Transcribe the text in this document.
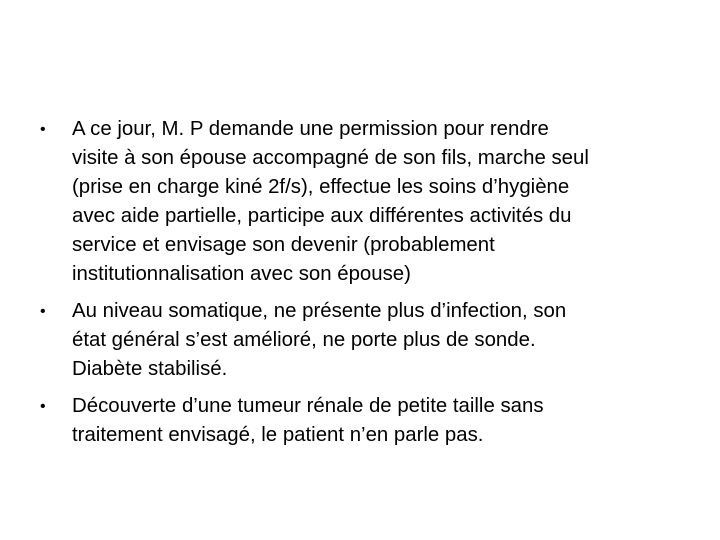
•	A ce jour, M. P demande une permission pour rendre
visite à son épouse accompagné de son fils, marche seul
(prise en charge kiné 2f/s), effectue les soins d’hygiène
avec aide partielle, participe aux différentes activités du
service et envisage son devenir (probablement
institutionnalisation avec son épouse)
•	Au niveau somatique, ne présente plus d’infection, son
état général s’est amélioré, ne porte plus de sonde.
Diabète stabilisé.
•	Découverte d’une tumeur rénale de petite taille sans
traitement envisagé, le patient n’en parle pas.
